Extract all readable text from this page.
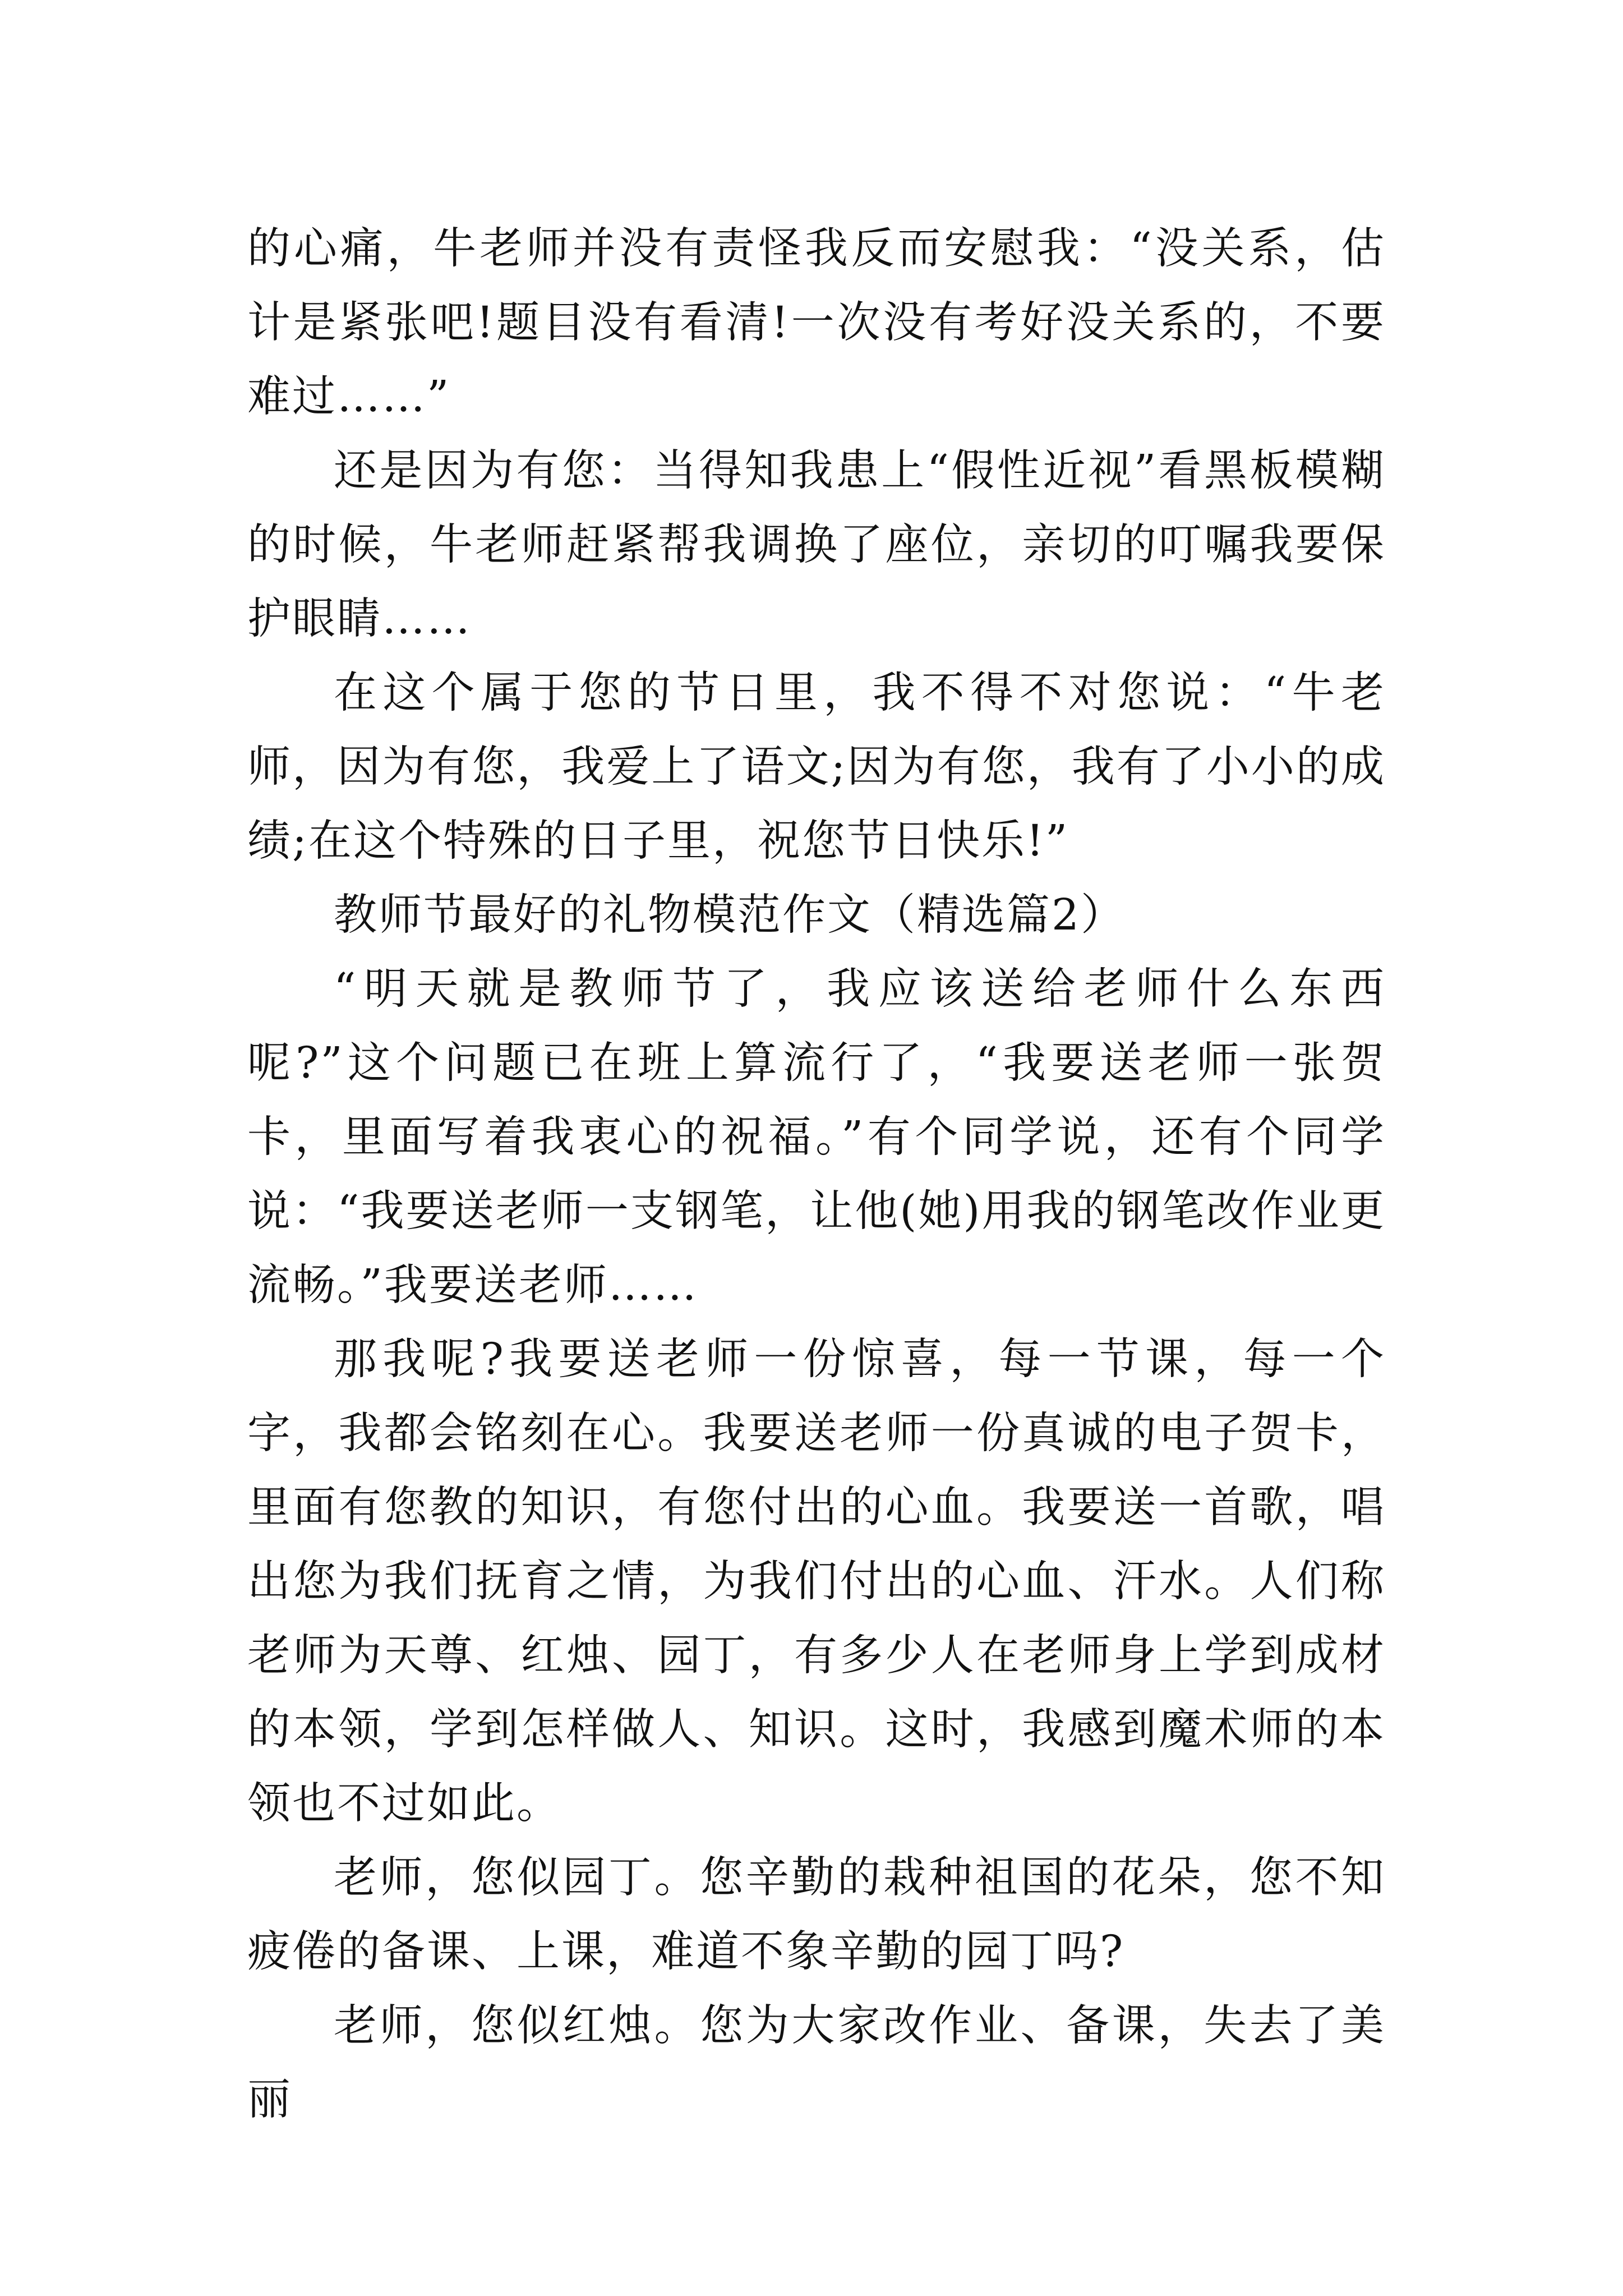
的心痛，牛老师并没有责怪我反而安慰我：“没关系，估计是紧张吧!题目没有看清!一次没有考好没关系的，不要难过……”

还是因为有您：当得知我患上“假性近视”看黑板模糊的时候，牛老师赶紧帮我调换了座位，亲切的叮嘱我要保护眼睛……

在这个属于您的节日里，我不得不对您说：“牛老师，因为有您，我爱上了语文;因为有您，我有了小小的成绩;在这个特殊的日子里，祝您节日快乐!”

教师节最好的礼物模范作文（精选篇2）

“明天就是教师节了，我应该送给老师什么东西呢?”这个问题已在班上算流行了，“我要送老师一张贺卡，里面写着我衷心的祝福。”有个同学说，还有个同学说：“我要送老师一支钢笔，让他(她)用我的钢笔改作业更流畅。”我要送老师……

那我呢?我要送老师一份惊喜，每一节课，每一个字，我都会铭刻在心。我要送老师一份真诚的电子贺卡，里面有您教的知识，有您付出的心血。我要送一首歌，唱出您为我们抚育之情，为我们付出的心血、汗水。人们称老师为天尊、红烛、园丁，有多少人在老师身上学到成材的本领，学到怎样做人、知识。这时，我感到魔术师的本领也不过如此。

老师，您似园丁。您辛勤的栽种祖国的花朵，您不知疲倦的备课、上课，难道不象辛勤的园丁吗?

老师，您似红烛。您为大家改作业、备课，失去了美丽
